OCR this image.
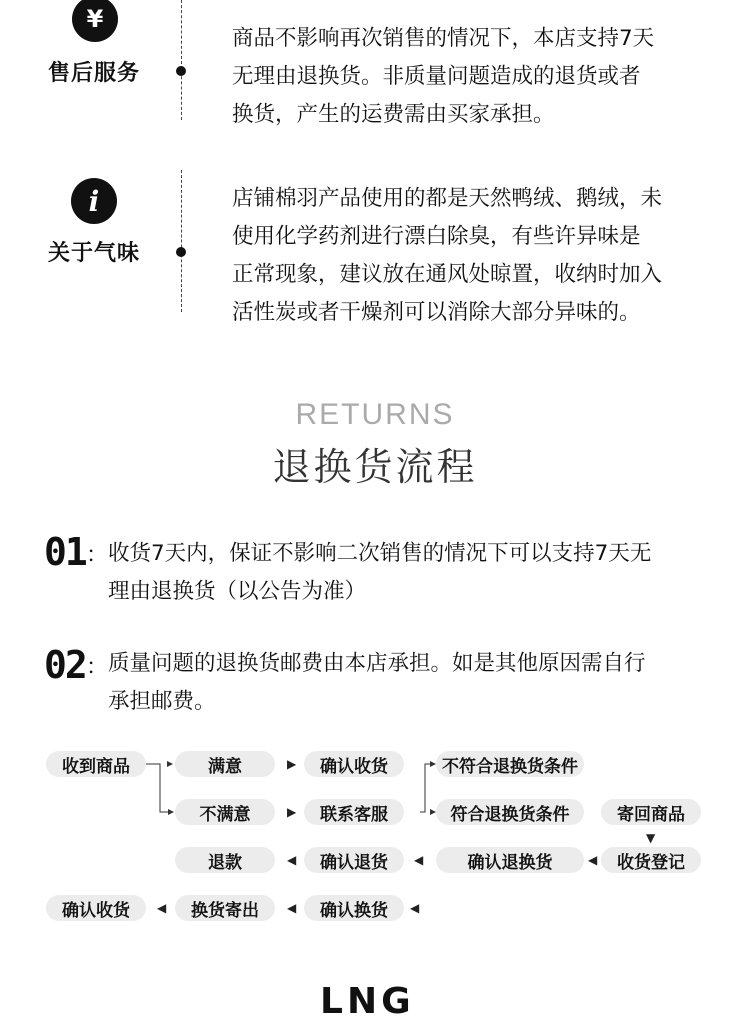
¥
售后服务
商品不影响再次销售的情况下，本店支持7天
无理由退换货。非质量问题造成的退货或者
换货，产生的运费需由买家承担。
i
关于气味
店铺棉羽产品使用的都是天然鸭绒、鹅绒，未
使用化学药剂进行漂白除臭，有些许异味是
正常现象，建议放在通风处晾置，收纳时加入
活性炭或者干燥剂可以消除大部分异味的。
RETURNS
退换货流程
01 ： 收货7天内，保证不影响二次销售的情况下可以支持7天无
理由退换货（以公告为准）
02 ： 质量问题的退换货邮费由本店承担。如是其他原因需自行
承担邮费。
收到商品	满意	▶	确认收货	不符合退换货条件
不满意	▶	联系客服	符合退换货条件	寄回商品
▼
退款	◀	确认退货	◀	确认退换货	◀	收货登记
确认收货	◀	换货寄出	◀	确认换货	◀
LNG
